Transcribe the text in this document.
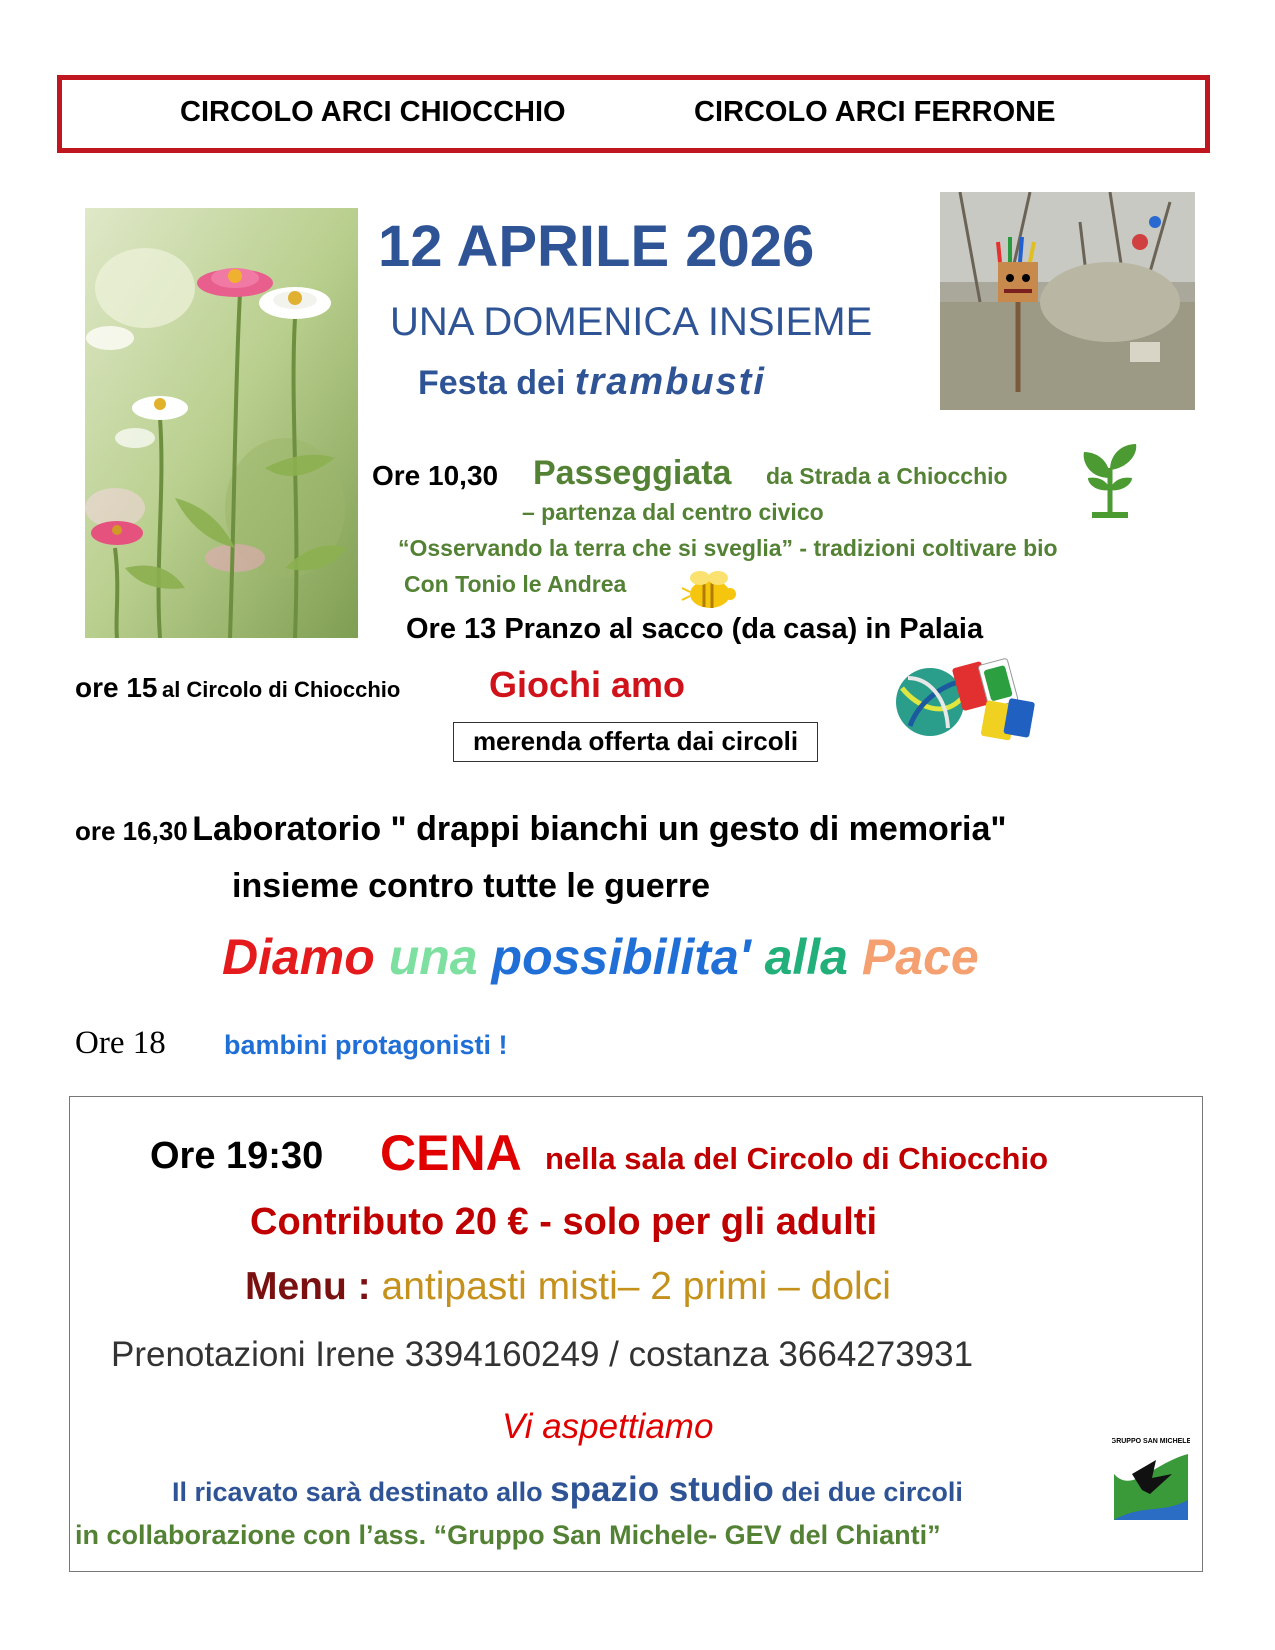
CIRCOLO ARCI CHIOCCHIO	CIRCOLO ARCI FERRONE
12 APRILE 2026
UNA DOMENICA INSIEME
Festa dei trambusti
Ore 10,30 Passeggiata da Strada a Chiocchio
– partenza dal centro civico
“Osservando la terra che si sveglia” - tradizioni coltivare bio
Con Tonio le Andrea
Ore 13 Pranzo al sacco (da casa) in Palaia
ore 15 al Circolo di Chiocchio Giochi amo
merenda offerta dai circoli
ore 16,30 Laboratorio " drappi bianchi un gesto di memoria"
insieme contro tutte le guerre
Diamo una possibilita' alla Pace
Ore 18 bambini protagonisti !
Ore 19:30 CENA nella sala del Circolo di Chiocchio
Contributo 20 € - solo per gli adulti
Menu : antipasti misti– 2 primi – dolci
Prenotazioni Irene 3394160249 / costanza 3664273931
Vi aspettiamo
Il ricavato sarà destinato allo spazio studio dei due circoli
in collaborazione con l’ass. “Gruppo San Michele- GEV del Chianti”
GRUPPO SAN MICHELE
